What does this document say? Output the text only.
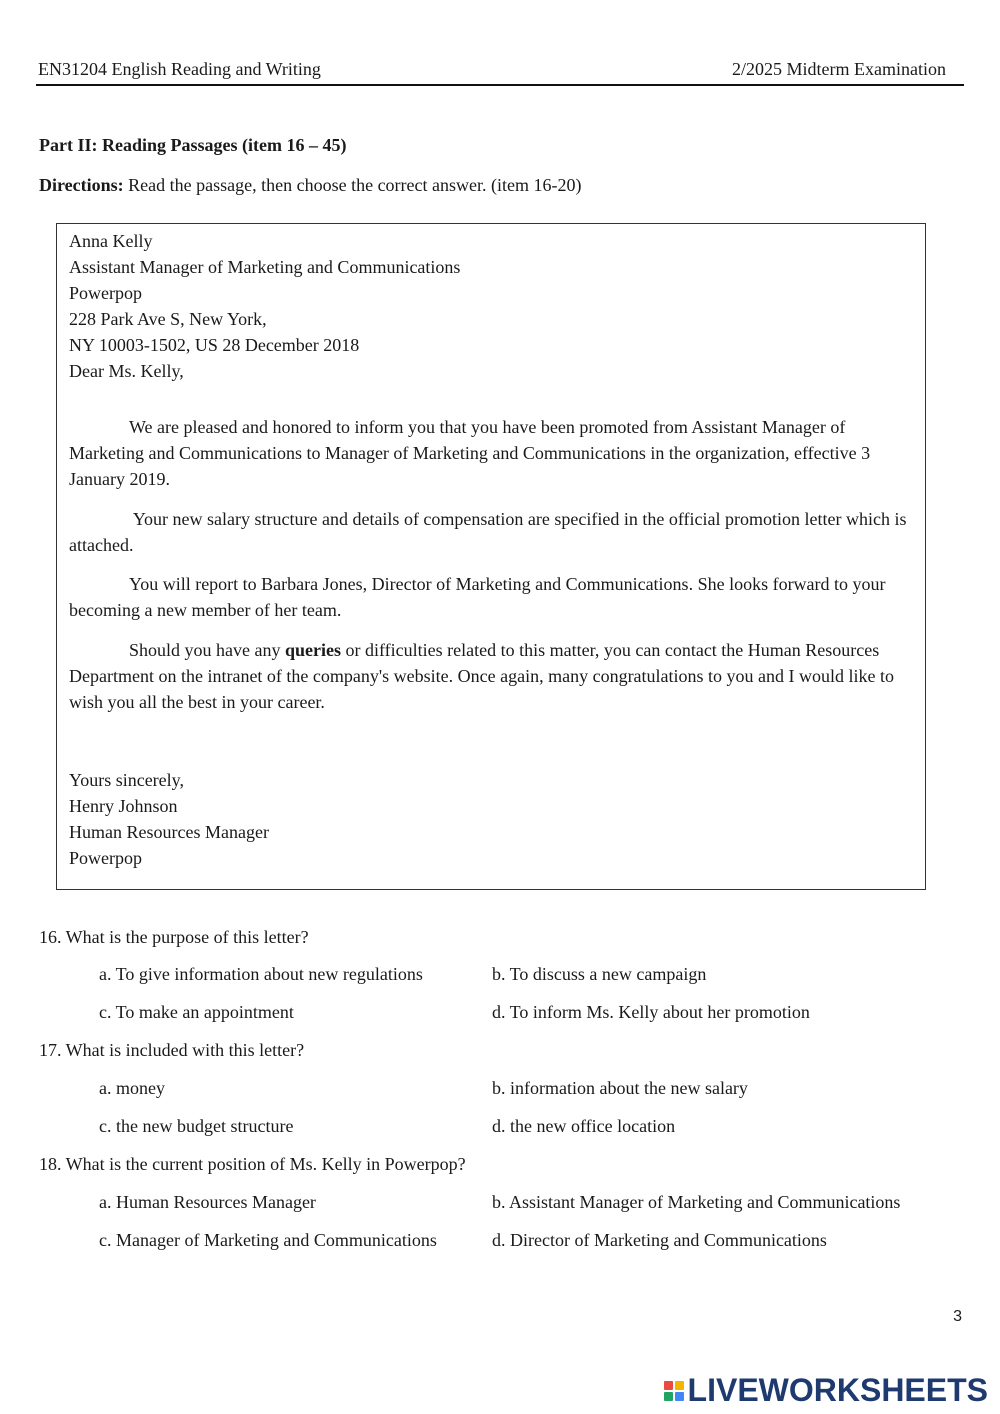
EN31204 English Reading and Writing	2/2025 Midterm Examination
Part II: Reading Passages (item 16 – 45)
Directions: Read the passage, then choose the correct answer. (item 16-20)
Anna Kelly
Assistant Manager of Marketing and Communications
Powerpop
228 Park Ave S, New York,
NY 10003-1502, US 28 December 2018
Dear Ms. Kelly,
We are pleased and honored to inform you that you have been promoted from Assistant Manager of Marketing and Communications to Manager of Marketing and Communications in the organization, effective 3 January 2019.
Your new salary structure and details of compensation are specified in the official promotion letter which is attached.
You will report to Barbara Jones, Director of Marketing and Communications. She looks forward to your becoming a new member of her team.
Should you have any queries or difficulties related to this matter, you can contact the Human Resources Department on the intranet of the company's website. Once again, many congratulations to you and I would like to wish you all the best in your career.
Yours sincerely,
Henry Johnson
Human Resources Manager
Powerpop
16. What is the purpose of this letter?
a. To give information about new regulations	b. To discuss a new campaign
c. To make an appointment	d. To inform Ms. Kelly about her promotion
17. What is included with this letter?
a. money	b. information about the new salary
c. the new budget structure	d. the new office location
18. What is the current position of Ms. Kelly in Powerpop?
a. Human Resources Manager	b. Assistant Manager of Marketing and Communications
c. Manager of Marketing and Communications	d. Director of Marketing and Communications
3
LIVEWORKSHEETS
